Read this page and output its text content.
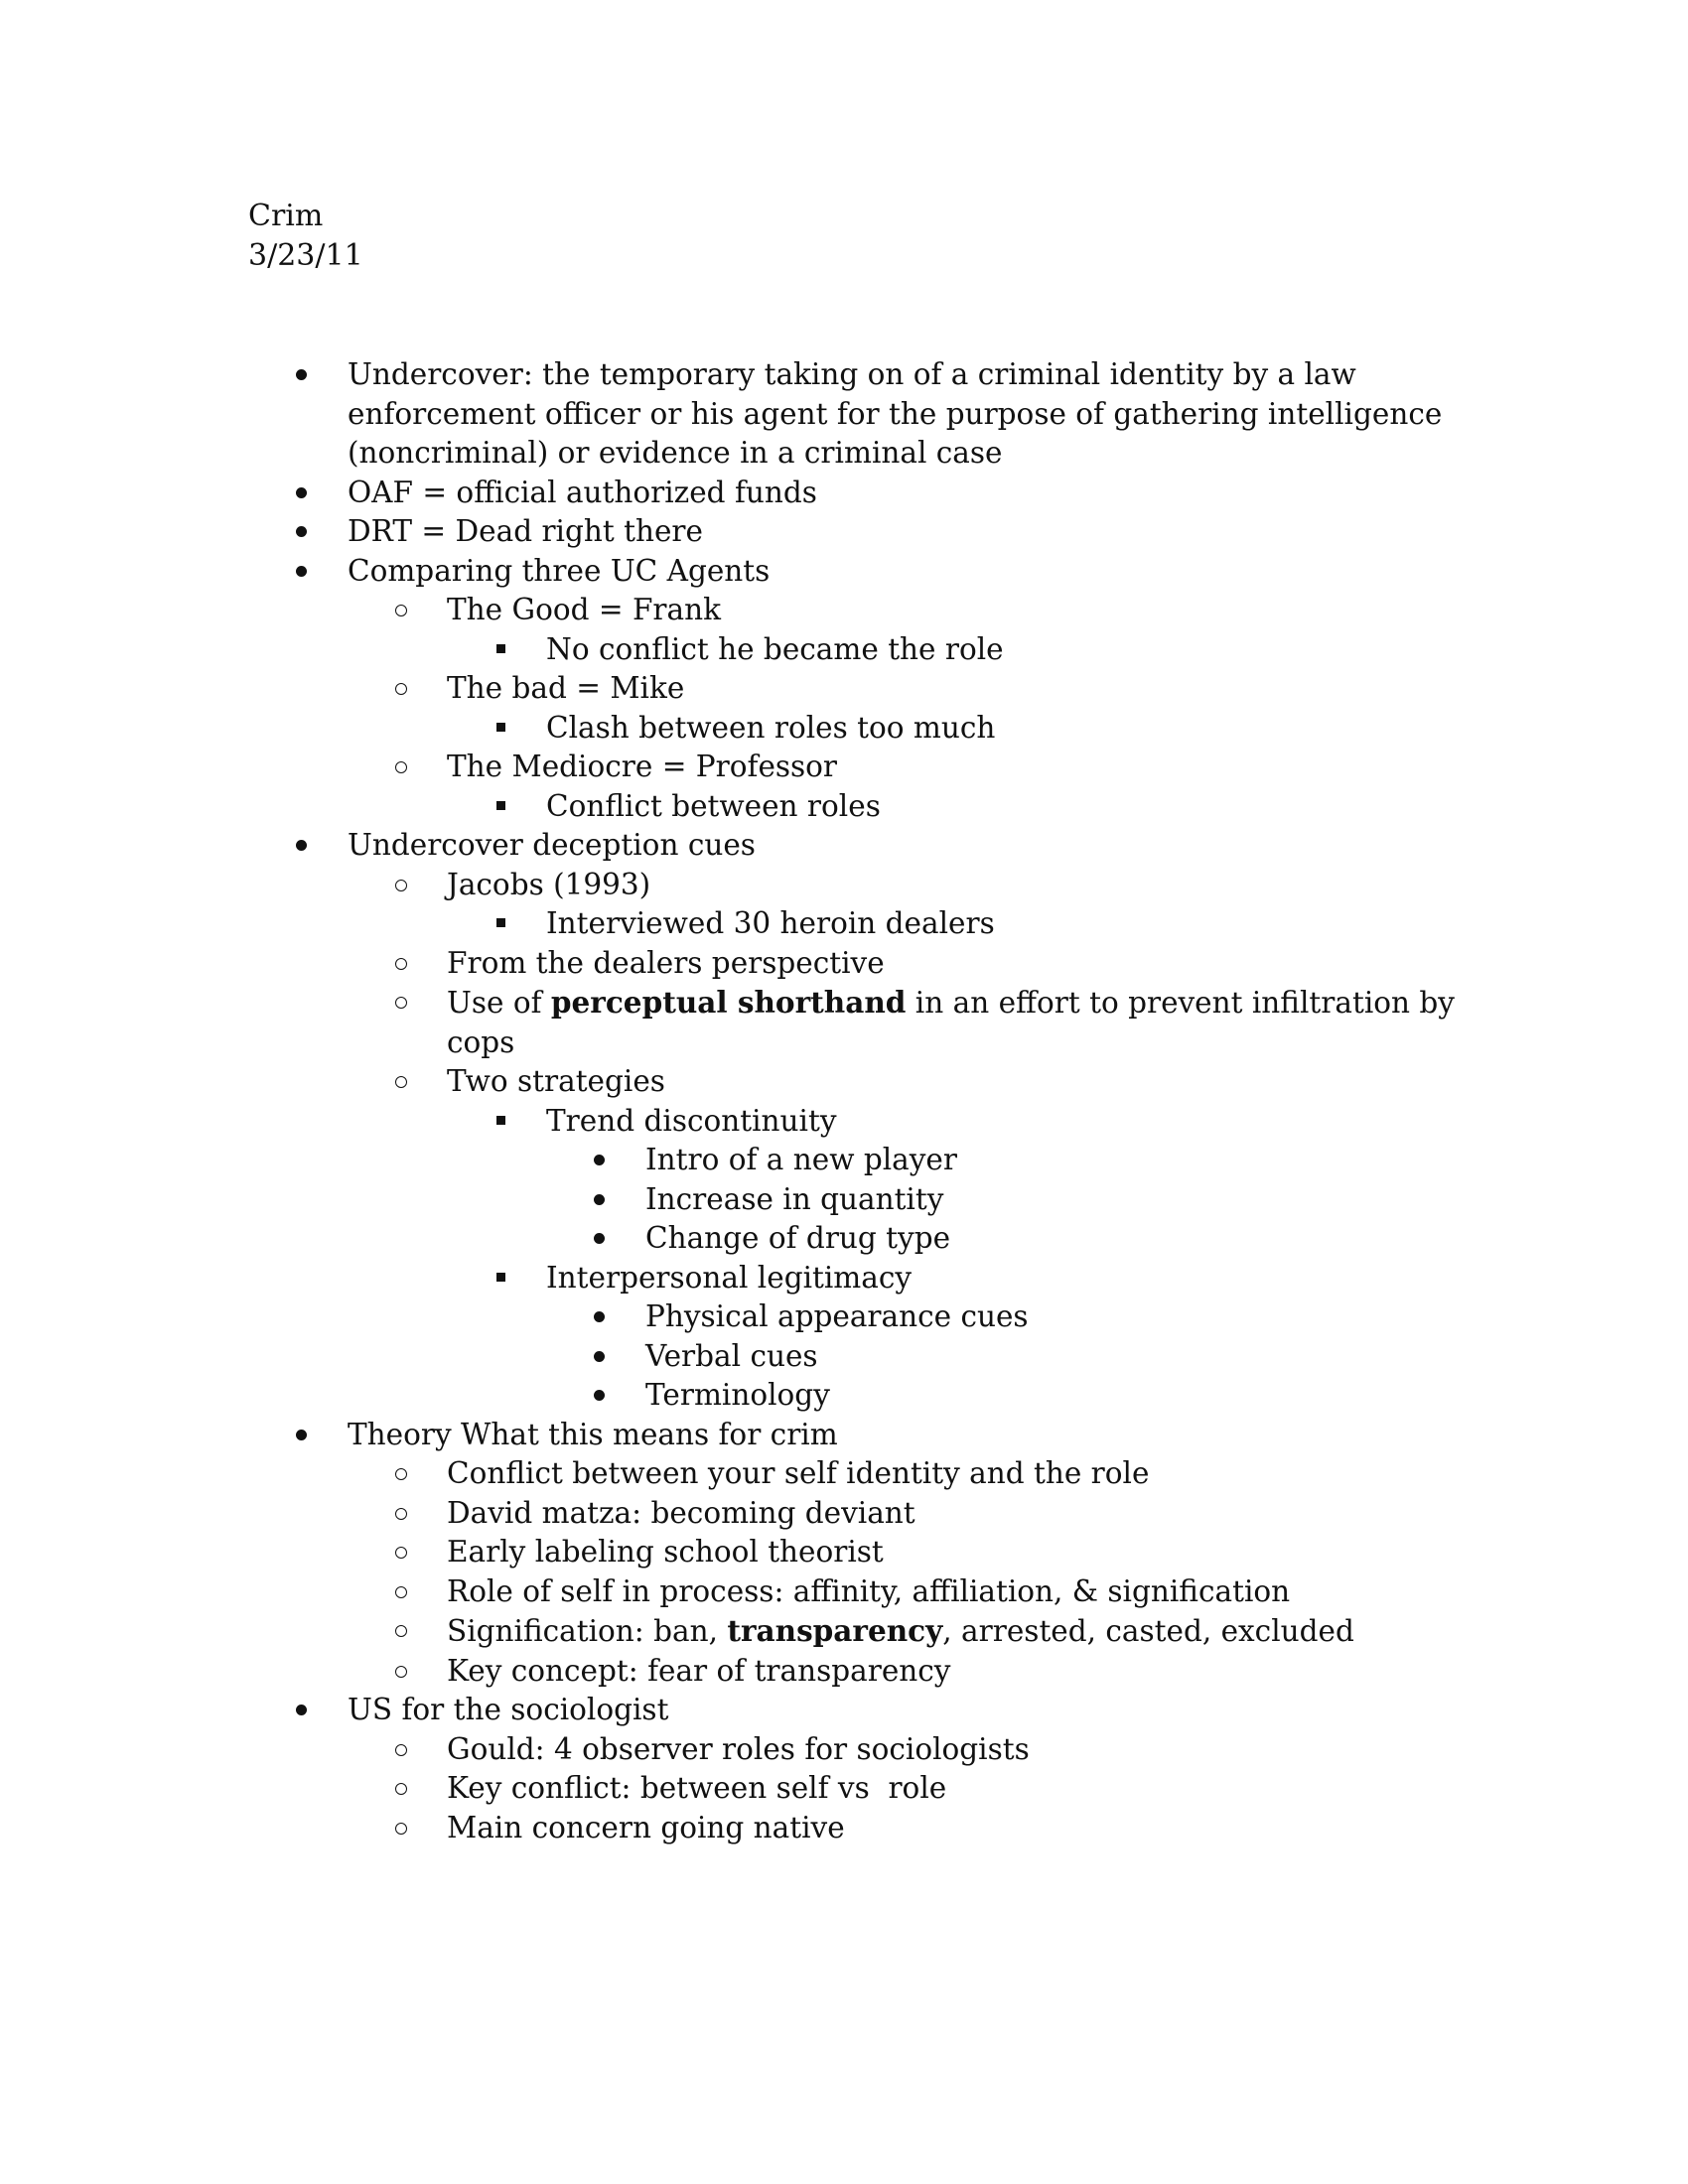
Crim
3/23/11
Undercover: the temporary taking on of a criminal identity by a law
enforcement officer or his agent for the purpose of gathering intelligence
(noncriminal) or evidence in a criminal case
OAF = official authorized funds
DRT = Dead right there
Comparing three UC Agents
The Good = Frank
No conflict he became the role
The bad = Mike
Clash between roles too much
The Mediocre = Professor
Conflict between roles
Undercover deception cues
Jacobs (1993)
Interviewed 30 heroin dealers
From the dealers perspective
Use of perceptual shorthand in an effort to prevent infiltration by
cops
Two strategies
Trend discontinuity
Intro of a new player
Increase in quantity
Change of drug type
Interpersonal legitimacy
Physical appearance cues
Verbal cues
Terminology
Theory What this means for crim
Conflict between your self identity and the role
David matza: becoming deviant
Early labeling school theorist
Role of self in process: affinity, affiliation, & signification
Signification: ban, transparency, arrested, casted, excluded
Key concept: fear of transparency
US for the sociologist
Gould: 4 observer roles for sociologists
Key conflict: between self vs  role
Main concern going native
